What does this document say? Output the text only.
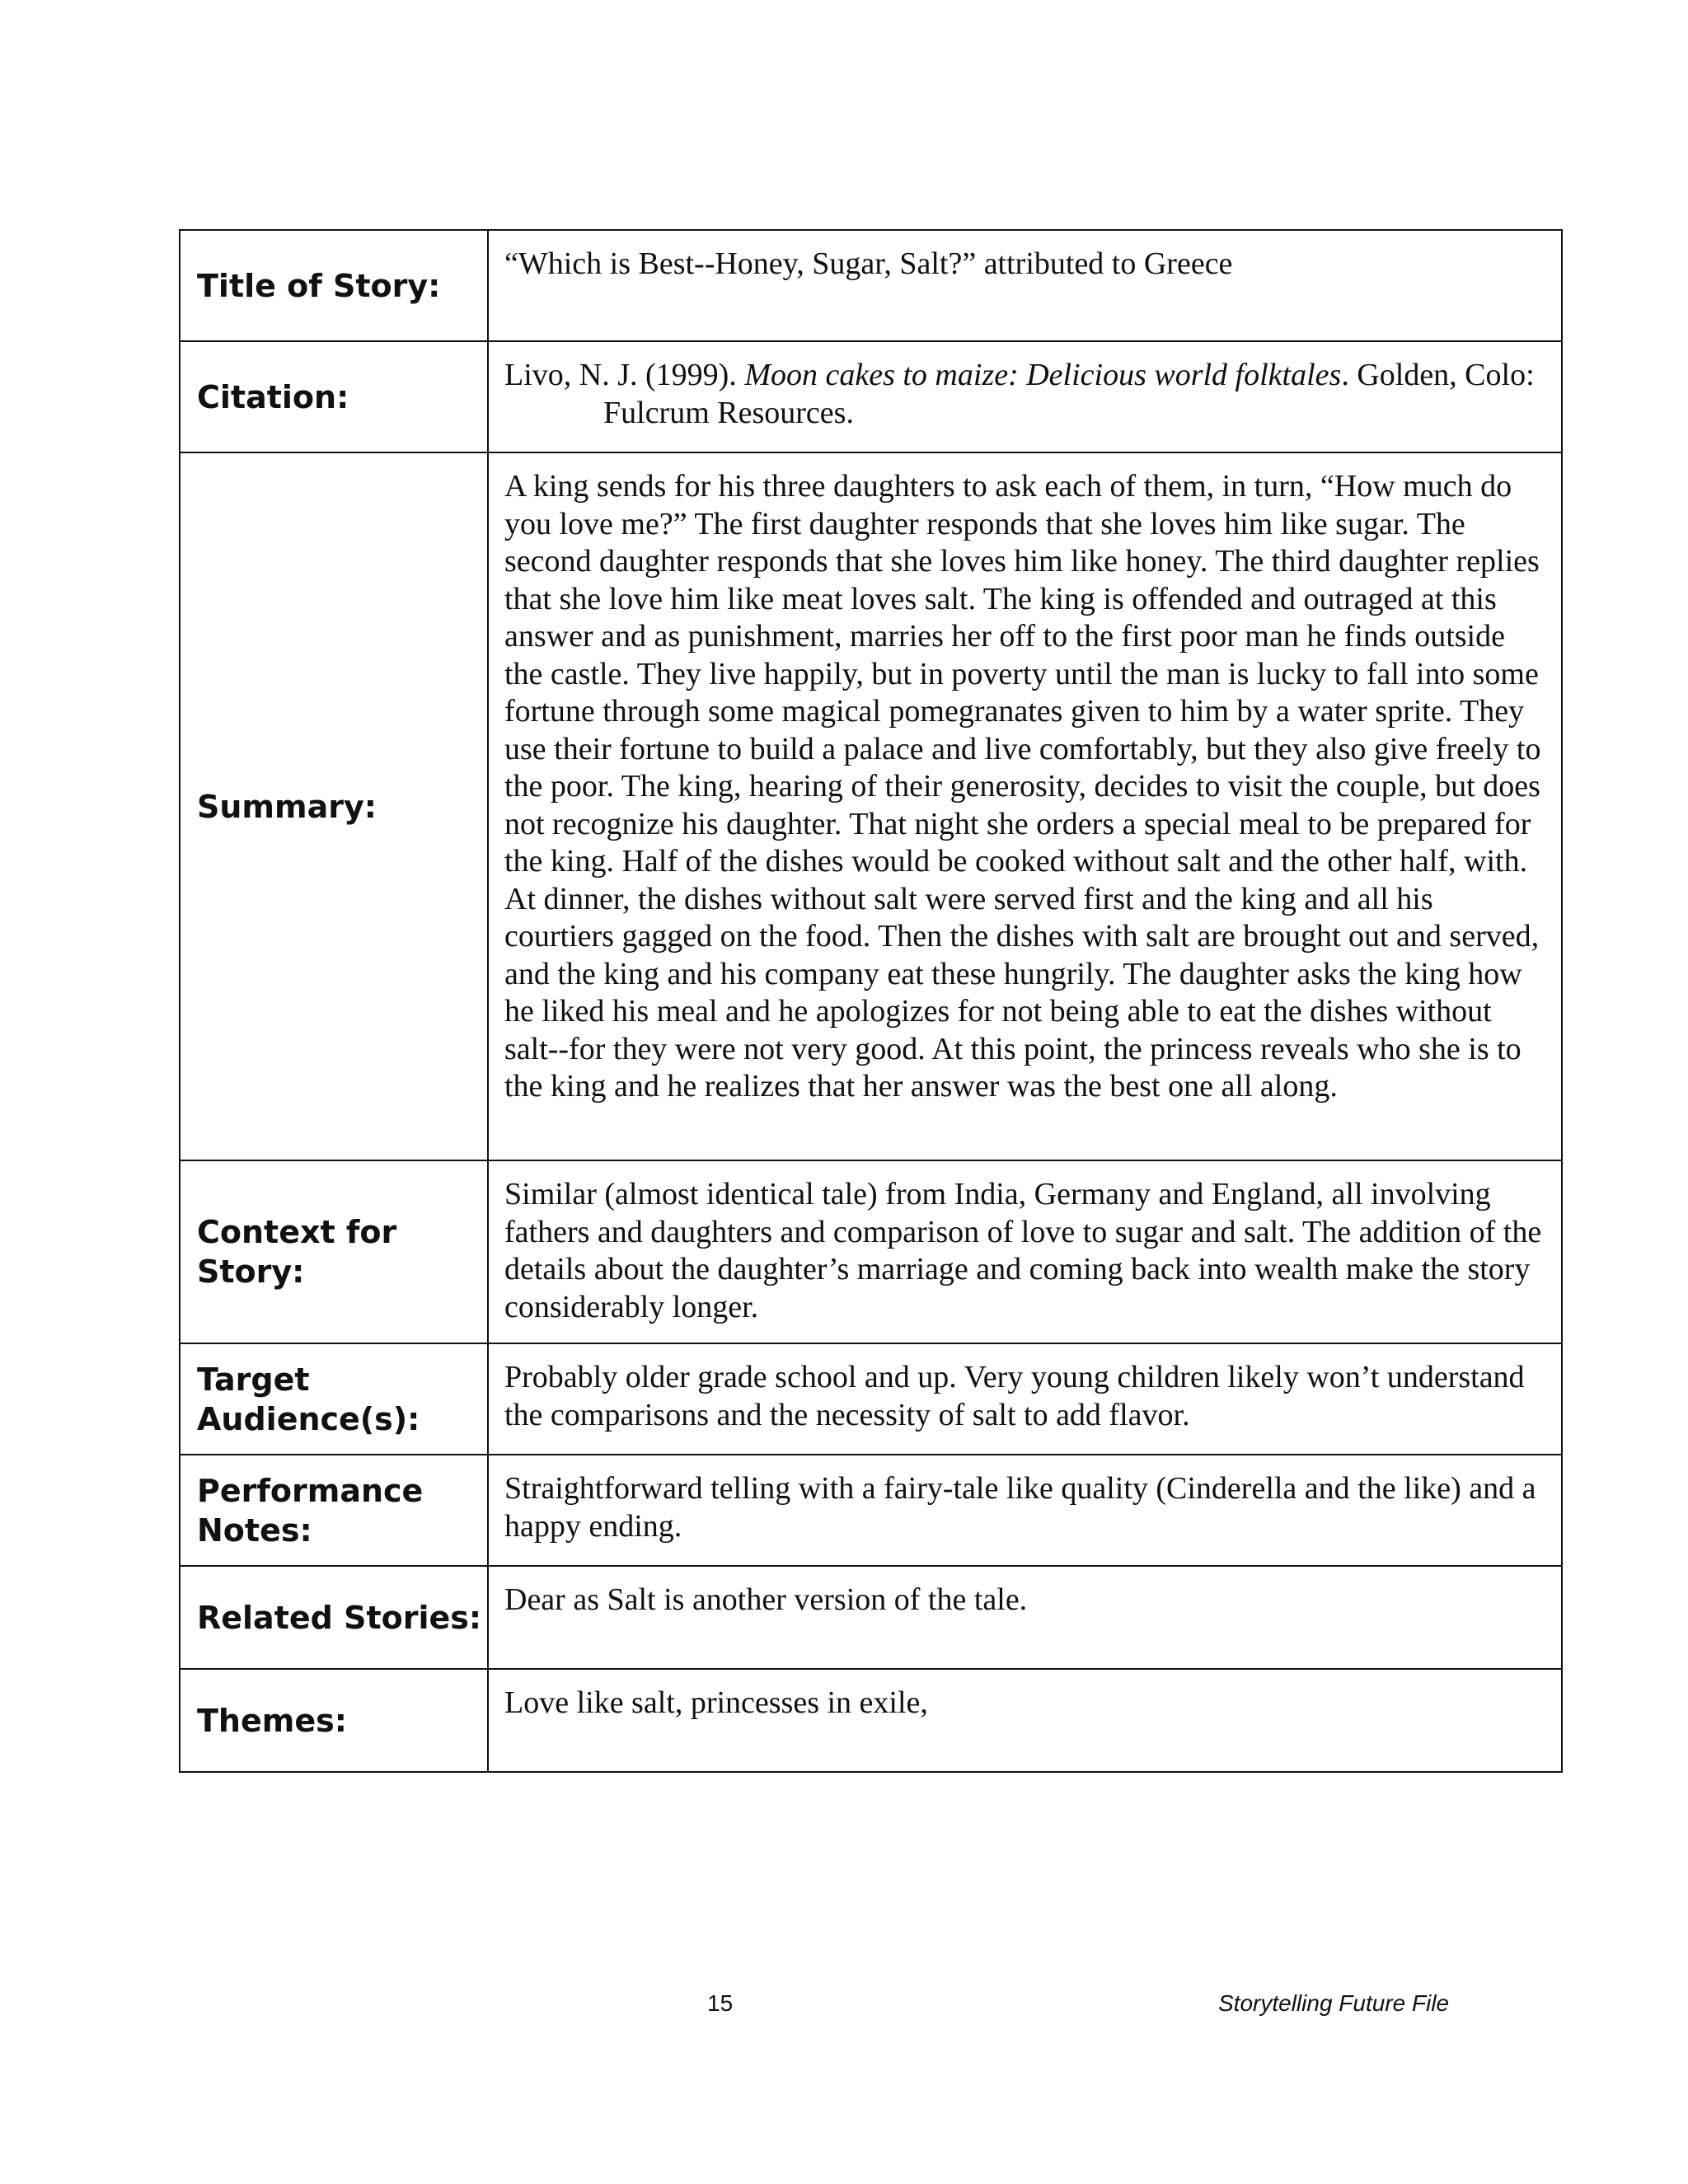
Title of Story:	“Which is Best--Honey, Sugar, Salt?” attributed to Greece

Citation:	Livo, N. J. (1999). Moon cakes to maize: Delicious world folktales. Golden, Colo: Fulcrum Resources.

Summary:	A king sends for his three daughters to ask each of them, in turn, “How much do you love me?” The first daughter responds that she loves him like sugar. The second daughter responds that she loves him like honey. The third daughter replies that she love him like meat loves salt. The king is offended and outraged at this answer and as punishment, marries her off to the first poor man he finds outside the castle. They live happily, but in poverty until the man is lucky to fall into some fortune through some magical pomegranates given to him by a water sprite. They use their fortune to build a palace and live comfortably, but they also give freely to the poor. The king, hearing of their generosity, decides to visit the couple, but does not recognize his daughter. That night she orders a special meal to be prepared for the king. Half of the dishes would be cooked without salt and the other half, with. At dinner, the dishes without salt were served first and the king and all his courtiers gagged on the food. Then the dishes with salt are brought out and served, and the king and his company eat these hungrily. The daughter asks the king how he liked his meal and he apologizes for not being able to eat the dishes without salt--for they were not very good. At this point, the princess reveals who she is to the king and he realizes that her answer was the best one all along.

Context for Story:	Similar (almost identical tale) from India, Germany and England, all involving fathers and daughters and comparison of love to sugar and salt. The addition of the details about the daughter’s marriage and coming back into wealth make the story considerably longer.

Target Audience(s):	Probably older grade school and up. Very young children likely won’t understand the comparisons and the necessity of salt to add flavor.

Performance Notes:	Straightforward telling with a fairy-tale like quality (Cinderella and the like) and a happy ending.

Related Stories:	Dear as Salt is another version of the tale.

Themes:	Love like salt, princesses in exile,
15	Storytelling Future File
